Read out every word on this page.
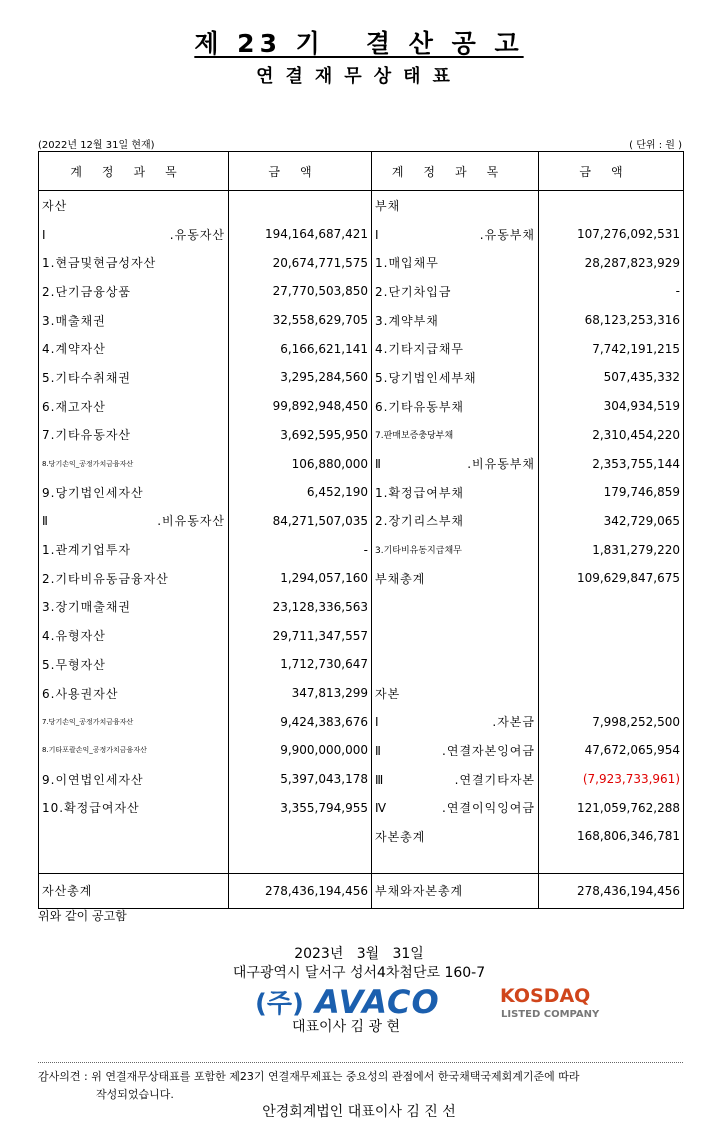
제 23 기   결 산 공 고
연결재무상태표
(2022년 12월 31일 현재)	( 단위 : 원 )
계정과목	금액	계정과목	금액
자산		부채	
Ⅰ.유동자산	194,164,687,421	Ⅰ.유동부채	107,276,092,531
1.현금및현금성자산	20,674,771,575	1.매입채무	28,287,823,929
2.단기금융상품	27,770,503,850	2.단기차입금	-
3.매출채권	32,558,629,705	3.계약부채	68,123,253,316
4.계약자산	6,166,621,141	4.기타지급채무	7,742,191,215
5.기타수취채권	3,295,284,560	5.당기법인세부채	507,435,332
6.재고자산	99,892,948,450	6.기타유동부채	304,934,519
7.기타유동자산	3,692,595,950	7.판매보증충당부채	2,310,454,220
8.당기손익_공정가치금융자산	106,880,000	Ⅱ.비유동부채	2,353,755,144
9.당기법인세자산	6,452,190	1.확정급여부채	179,746,859
Ⅱ.비유동자산	84,271,507,035	2.장기리스부채	342,729,065
1.관계기업투자	-	3.기타비유동지급채무	1,831,279,220
2.기타비유동금융자산	1,294,057,160	부채총계	109,629,847,675
3.장기매출채권	23,128,336,563		
4.유형자산	29,711,347,557		
5.무형자산	1,712,730,647		
6.사용권자산	347,813,299	자본	
7.당기손익_공정가치금융자산	9,424,383,676	Ⅰ.자본금	7,998,252,500
8.기타포괄손익_공정가치금융자산	9,900,000,000	Ⅱ.연결자본잉여금	47,672,065,954
9.이연법인세자산	5,397,043,178	Ⅲ.연결기타자본	(7,923,733,961)
10.확정급여자산	3,355,794,955	Ⅳ.연결이익잉여금	121,059,762,288
		자본총계	168,806,346,781

자산총계	278,436,194,456	부채와자본총계	278,436,194,456
위와 같이 공고함
2023년   3월   31일
대구광역시 달서구 성서4차첨단로 160-7
(주) AVACO	KOSDAQ
LISTED COMPANY
대표이사 김 광 현
감사의견 : 위 연결재무상태표를 포함한 제23기 연결재무제표는 중요성의 관점에서 한국채택국제회계기준에 따라
작성되었습니다.
안경회계법인 대표이사 김 진 선
